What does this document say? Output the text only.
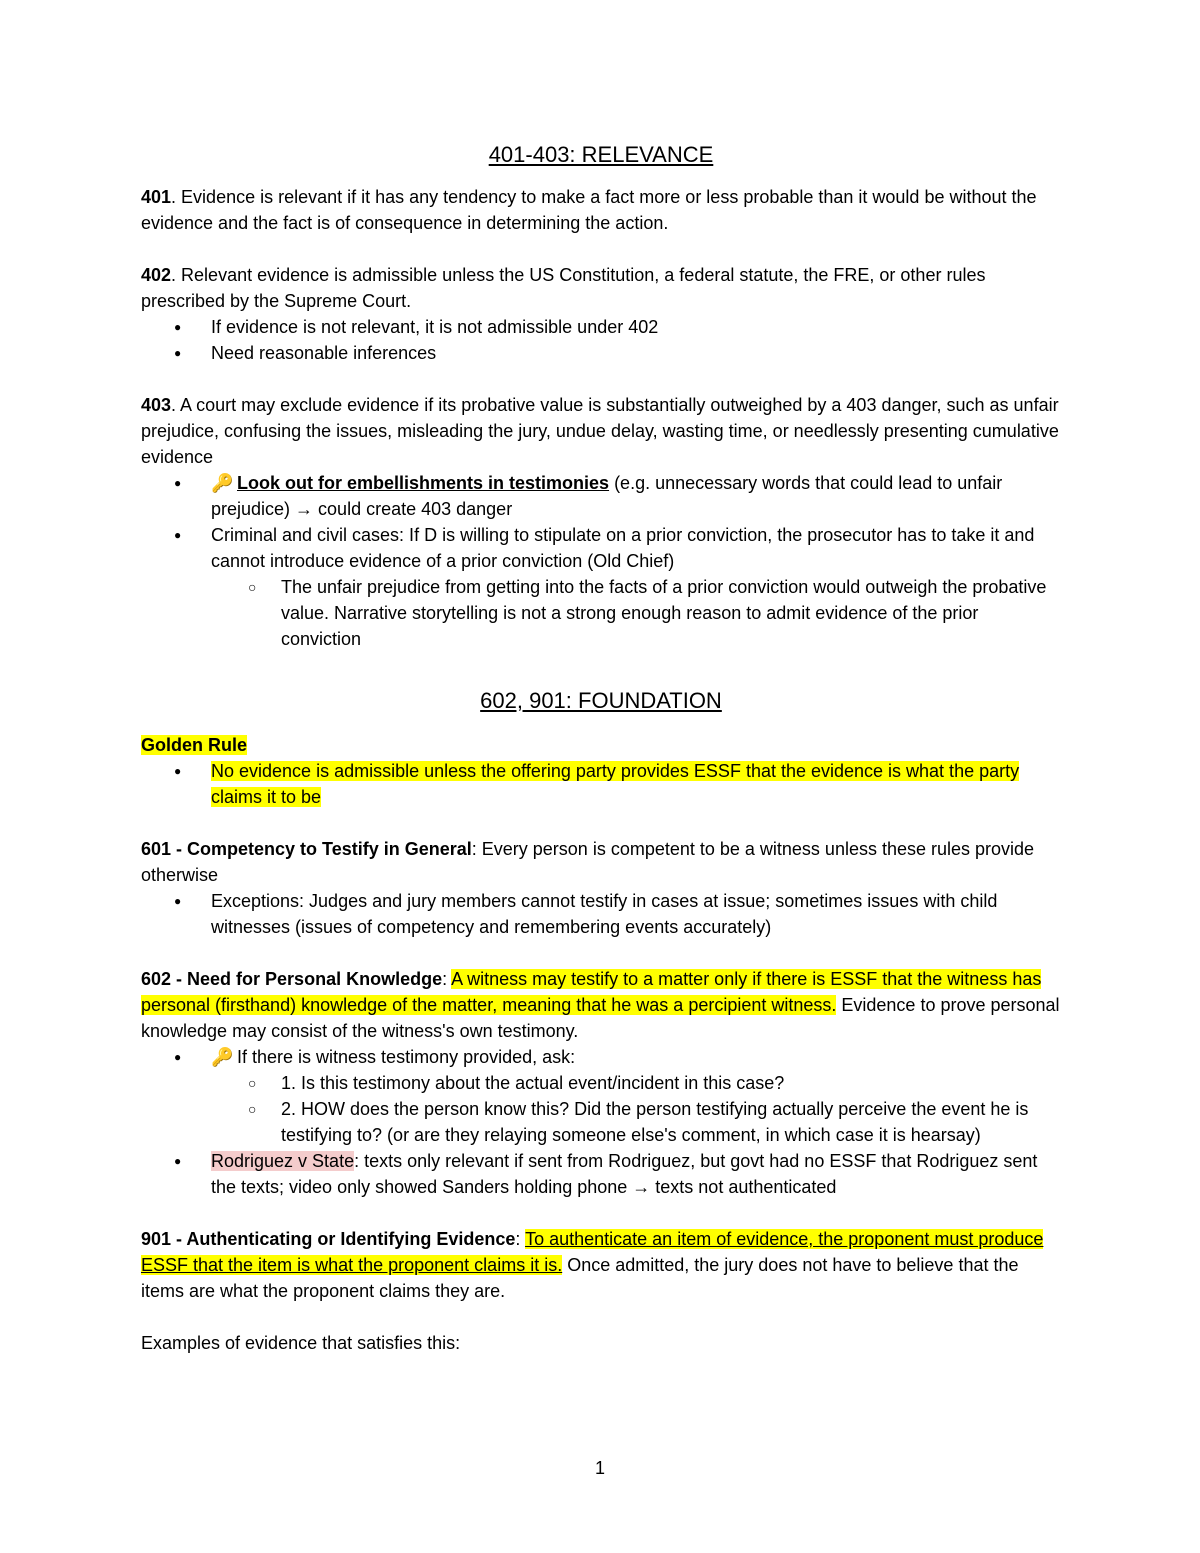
401-403: RELEVANCE

401. Evidence is relevant if it has any tendency to make a fact more or less probable than it would be without the evidence and the fact is of consequence in determining the action.

402. Relevant evidence is admissible unless the US Constitution, a federal statute, the FRE, or other rules prescribed by the Supreme Court.

● If evidence is not relevant, it is not admissible under 402
● Need reasonable inferences

403. A court may exclude evidence if its probative value is substantially outweighed by a 403 danger, such as unfair prejudice, confusing the issues, misleading the jury, undue delay, wasting time, or needlessly presenting cumulative evidence

● 🔑 Look out for embellishments in testimonies (e.g. unnecessary words that could lead to unfair prejudice) → could create 403 danger
● Criminal and civil cases: If D is willing to stipulate on a prior conviction, the prosecutor has to take it and cannot introduce evidence of a prior conviction (Old Chief)
○ The unfair prejudice from getting into the facts of a prior conviction would outweigh the probative value. Narrative storytelling is not a strong enough reason to admit evidence of the prior conviction
602, 901: FOUNDATION

Golden Rule

● No evidence is admissible unless the offering party provides ESSF that the evidence is what the party claims it to be

601 - Competency to Testify in General: Every person is competent to be a witness unless these rules provide otherwise

● Exceptions: Judges and jury members cannot testify in cases at issue; sometimes issues with child witnesses (issues of competency and remembering events accurately)

602 - Need for Personal Knowledge: A witness may testify to a matter only if there is ESSF that the witness has personal (firsthand) knowledge of the matter, meaning that he was a percipient witness. Evidence to prove personal knowledge may consist of the witness's own testimony.

● 🔑 If there is witness testimony provided, ask:
○ 1. Is this testimony about the actual event/incident in this case?
○ 2. HOW does the person know this? Did the person testifying actually perceive the event he is testifying to? (or are they relaying someone else's comment, in which case it is hearsay)
● Rodriguez v State: texts only relevant if sent from Rodriguez, but govt had no ESSF that Rodriguez sent the texts; video only showed Sanders holding phone → texts not authenticated

901 - Authenticating or Identifying Evidence: To authenticate an item of evidence, the proponent must produce ESSF that the item is what the proponent claims it is. Once admitted, the jury does not have to believe that the items are what the proponent claims they are.

Examples of evidence that satisfies this:

1
